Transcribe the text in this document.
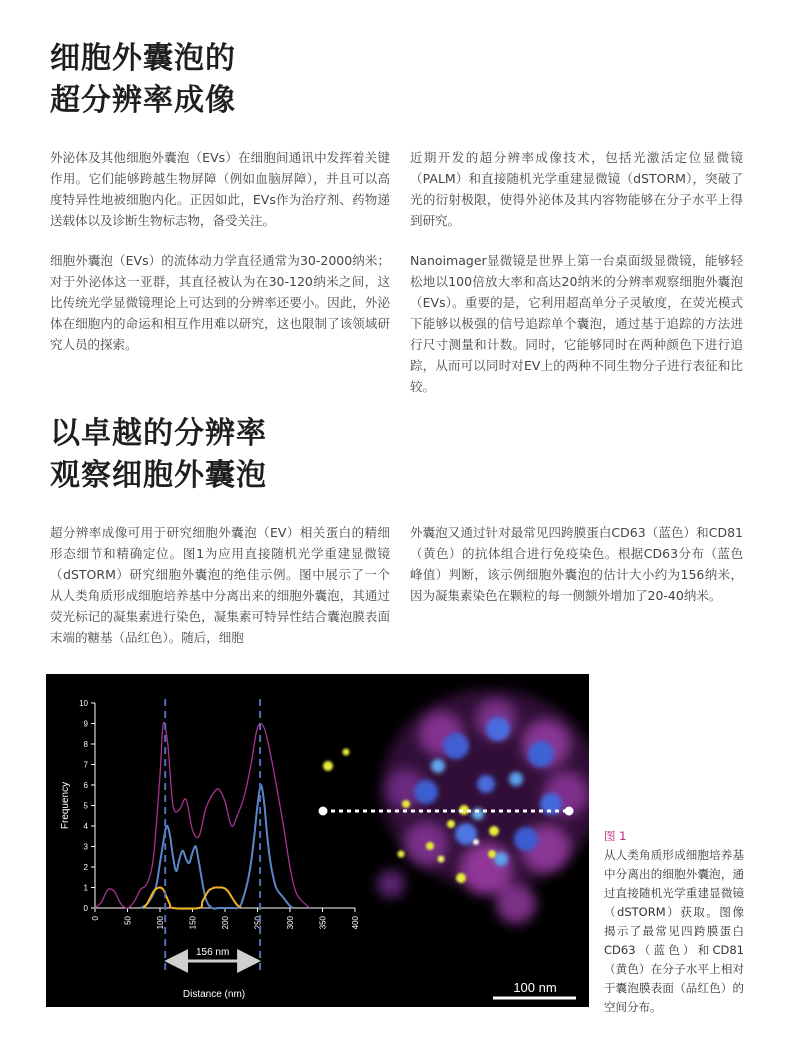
细胞外囊泡的
超分辨率成像

外泌体及其他细胞外囊泡（EVs）在细胞间通讯中发挥着关键作用。它们能够跨越生物屏障（例如血脑屏障），并且可以高度特异性地被细胞内化。正因如此，EVs作为治疗剂、药物递送载体以及诊断生物标志物，备受关注。

细胞外囊泡（EVs）的流体动力学直径通常为30-2000纳米；对于外泌体这一亚群，其直径被认为在30-120纳米之间，这比传统光学显微镜理论上可达到的分辨率还要小。因此，外泌体在细胞内的命运和相互作用难以研究，这也限制了该领域研究人员的探索。

近期开发的超分辨率成像技术，包括光激活定位显微镜（PALM）和直接随机光学重建显微镜（dSTORM），突破了光的衍射极限，使得外泌体及其内容物能够在分子水平上得到研究。

Nanoimager显微镜是世界上第一台桌面级显微镜，能够轻松地以100倍放大率和高达20纳米的分辨率观察细胞外囊泡（EVs）。重要的是，它利用超高单分子灵敏度，在荧光模式下能够以极强的信号追踪单个囊泡，通过基于追踪的方法进行尺寸测量和计数。同时，它能够同时在两种颜色下进行追踪，从而可以同时对EV上的两种不同生物分子进行表征和比较。

以卓越的分辨率
观察细胞外囊泡

超分辨率成像可用于研究细胞外囊泡（EV）相关蛋白的精细形态细节和精确定位。图1为应用直接随机光学重建显微镜（dSTORM）研究细胞外囊泡的绝佳示例。图中展示了一个从人类角质形成细胞培养基中分离出来的细胞外囊泡，其通过荧光标记的凝集素进行染色，凝集素可特异性结合囊泡膜表面末端的糖基（品红色）。随后，细胞

外囊泡又通过针对最常见四跨膜蛋白CD63（蓝色）和CD81（黄色）的抗体组合进行免疫染色。根据CD63分布（蓝色峰值）判断，该示例细胞外囊泡的估计大小约为156纳米，因为凝集素染色在颗粒的每一侧额外增加了20-40纳米。

0
1
2
3
4
5
6
7
8
9
10
0	50	100	150	200	250	300	350	400
Frequency
Distance (nm)
156 nm
100 nm
图 1
从人类角质形成细胞培养基中分离出的细胞外囊泡，通过直接随机光学重建显微镜（dSTORM）获取。图像揭示了最常见四跨膜蛋白CD63（蓝色）和CD81（黄色）在分子水平上相对于囊泡膜表面（品红色）的空间分布。
